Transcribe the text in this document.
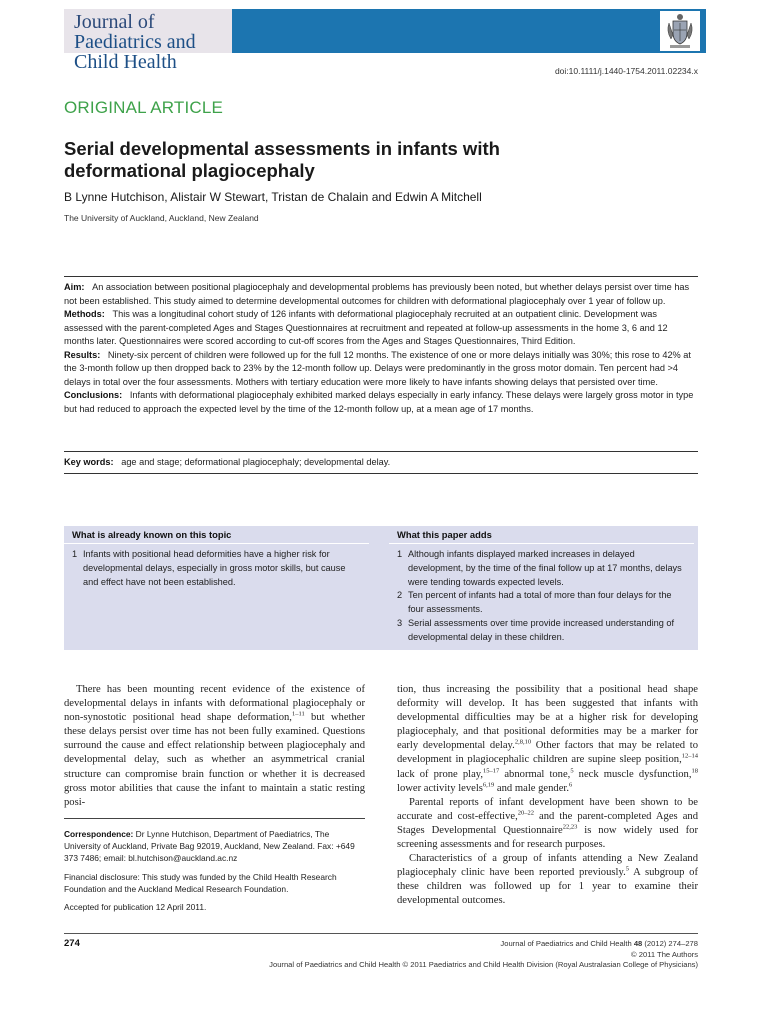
Journal of Paediatrics and
Child Health	doi:10.1111/j.1440-1754.2011.02234.x
ORIGINAL ARTICLE
Serial developmental assessments in infants with deformational plagiocephaly
B Lynne Hutchison, Alistair W Stewart, Tristan de Chalain and Edwin A Mitchell
The University of Auckland, Auckland, New Zealand

Aim: An association between positional plagiocephaly and developmental problems has previously been noted, but whether delays persist over time has not been established. This study aimed to determine developmental outcomes for children with deformational plagiocephaly over 1 year of follow up.

Methods: This was a longitudinal cohort study of 126 infants with deformational plagiocephaly recruited at an outpatient clinic. Development was assessed with the parent-completed Ages and Stages Questionnaires at recruitment and repeated at follow-up assessments in the home 3, 6 and 12 months later. Questionnaires were scored according to cut-off scores from the Ages and Stages Questionnaires, Third Edition.

Results: Ninety-six percent of children were followed up for the full 12 months. The existence of one or more delays initially was 30%; this rose to 42% at the 3-month follow up then dropped back to 23% by the 12-month follow up. Delays were predominantly in the gross motor domain. Ten percent had >4 delays in total over the four assessments. Mothers with tertiary education were more likely to have infants showing delays that persisted over time.

Conclusions: Infants with deformational plagiocephaly exhibited marked delays especially in early infancy. These delays were largely gross motor in type but had reduced to approach the expected level by the time of the 12-month follow up, at a mean age of 17 months.

Key words: age and stage; deformational plagiocephaly; developmental delay.
What is already known on this topic
1 Infants with positional head deformities have a higher risk for developmental delays, especially in gross motor skills, but cause and effect have not been established.
What this paper adds
1 Although infants displayed marked increases in delayed development, by the time of the final follow up at 17 months, delays were tending towards expected levels.
2 Ten percent of infants had a total of more than four delays for the four assessments.
3 Serial assessments over time provide increased understanding of developmental delay in these children.

There has been mounting recent evidence of the existence of developmental delays in infants with deformational plagiocephaly or non-synostotic positional head shape deformation,$^{1-11}$ but whether these delays persist over time has not been fully examined. Questions surround the cause and effect relationship between plagiocephaly and developmental delay, such as whether an asymmetrical cranial structure can compromise brain function or whether it is decreased gross motor abilities that cause the infant to maintain a static resting posi-

tion, thus increasing the possibility that a positional head shape deformity will develop. It has been suggested that infants with developmental difficulties may be at a higher risk for developing plagiocephaly, and that positional deformities may be a marker for early developmental delay.$^{2,8,10}$ Other factors that may be related to development in plagiocephalic children are supine sleep position,$^{12-14}$ lack of prone play,$^{15-17}$ abnormal tone,$^5$ neck muscle dysfunction,$^{18}$ lower activity levels$^{6,19}$ and male gender.$^6$

Parental reports of infant development have been shown to be accurate and cost-effective,$^{20-22}$ and the parent-completed Ages and Stages Developmental Questionnaire$^{22,23}$ is now widely used for screening assessments and for research purposes.

Characteristics of a group of infants attending a New Zealand plagiocephaly clinic have been reported previously.$^5$ A subgroup of these children was followed up for 1 year to examine their developmental outcomes.

Correspondence: Dr Lynne Hutchison, Department of Paediatrics, The University of Auckland, Private Bag 92019, Auckland, New Zealand. Fax: +649 373 7486; email: bl.hutchison@auckland.ac.nz

Financial disclosure: This study was funded by the Child Health Research Foundation and the Auckland Medical Research Foundation.

Accepted for publication 12 April 2011.

274	Journal of Paediatrics and Child Health 48 (2012) 274–278
© 2011 The Authors
Journal of Paediatrics and Child Health © 2011 Paediatrics and Child Health Division (Royal Australasian College of Physicians)
